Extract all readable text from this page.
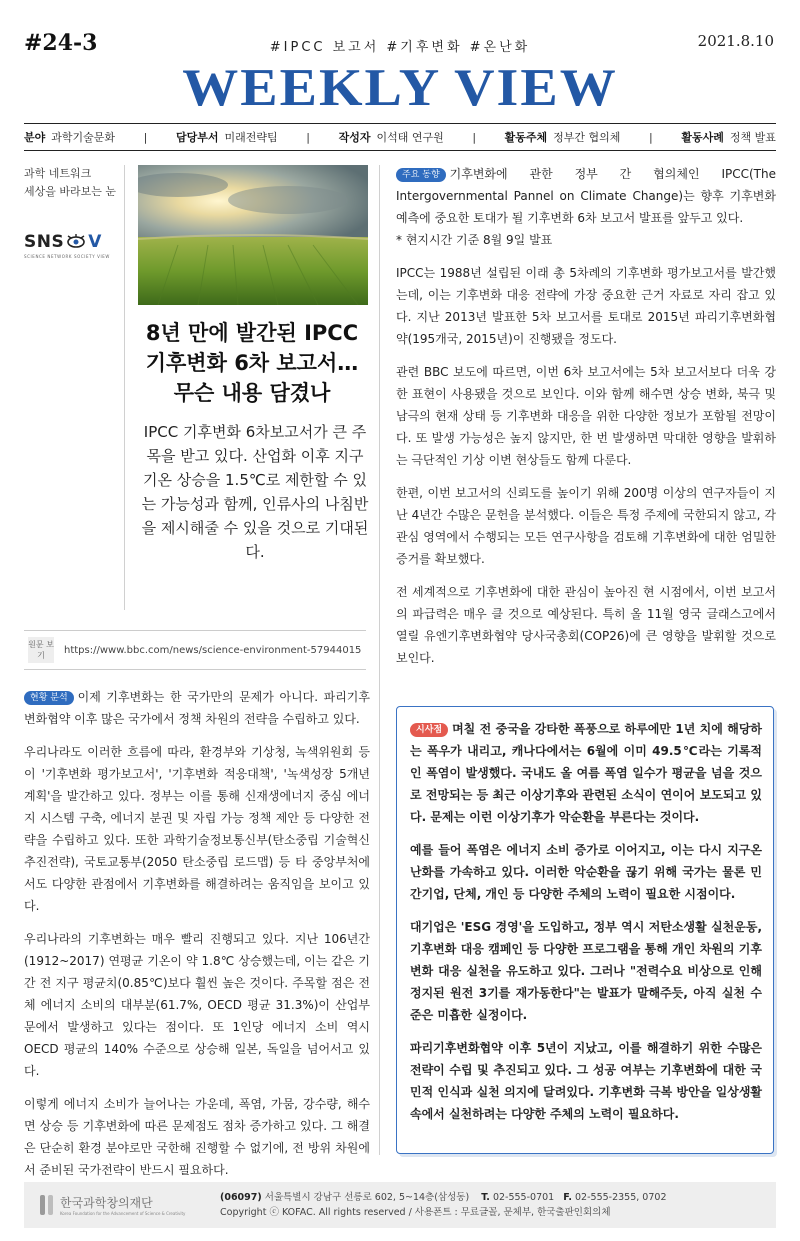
#24-3	#IPCC 보고서 #기후변화 #온난화	2021.8.10
WEEKLY VIEW
분야 과학기술문화	|	담당부서 미래전략팀	|	작성자 이석태 연구원	|	활동주체 정부간 협의체	|	활동사례 정책 발표
과학 네트워크
세상을 바라보는 눈
SNS V
SCIENCE NETWORK SOCIETY VIEW
8년 만에 발간된 IPCC
기후변화 6차 보고서…
무슨 내용 담겼나
IPCC 기후변화 6차보고서가 큰 주목을 받고 있다. 산업화 이후 지구 기온 상승을 1.5℃로 제한할 수 있는 가능성과 함께, 인류사의 나침반을 제시해줄 수 있을 것으로 기대된다.
원문 보기	https://www.bbc.com/news/science-environment-57944015

현황 분석 이제 기후변화는 한 국가만의 문제가 아니다. 파리기후변화협약 이후 많은 국가에서 정책 차원의 전략을 수립하고 있다.

우리나라도 이러한 흐름에 따라, 환경부와 기상청, 녹색위원회 등이 '기후변화 평가보고서', '기후변화 적응대책', '녹색성장 5개년 계획'을 발간하고 있다. 정부는 이를 통해 신재생에너지 중심 에너지 시스템 구축, 에너지 분권 및 자립 가능 정책 제안 등 다양한 전략을 수립하고 있다. 또한 과학기술정보통신부(탄소중립 기술혁신 추진전략), 국토교통부(2050 탄소중립 로드맵) 등 타 중앙부처에서도 다양한 관점에서 기후변화를 해결하려는 움직임을 보이고 있다.

우리나라의 기후변화는 매우 빨리 진행되고 있다. 지난 106년간(1912~2017) 연평균 기온이 약 1.8℃ 상승했는데, 이는 같은 기간 전 지구 평균치(0.85℃)보다 훨씬 높은 것이다. 주목할 점은 전체 에너지 소비의 대부분(61.7%, OECD 평균 31.3%)이 산업부문에서 발생하고 있다는 점이다. 또 1인당 에너지 소비 역시 OECD 평균의 140% 수준으로 상승해 일본, 독일을 넘어서고 있다.

이렇게 에너지 소비가 늘어나는 가운데, 폭염, 가뭄, 강수량, 해수면 상승 등 기후변화에 따른 문제점도 점차 증가하고 있다. 그 해결은 단순히 환경 분야로만 국한해 진행할 수 없기에, 전 방위 차원에서 준비된 국가전략이 반드시 필요하다.

주요 동향 기후변화에 관한 정부 간 협의체인 IPCC(The Intergovernmental Pannel on Climate Change)는 향후 기후변화 예측에 중요한 토대가 될 기후변화 6차 보고서 발표를 앞두고 있다.

* 현지시간 기준 8월 9일 발표

IPCC는 1988년 설립된 이래 총 5차례의 기후변화 평가보고서를 발간했는데, 이는 기후변화 대응 전략에 가장 중요한 근거 자료로 자리 잡고 있다. 지난 2013년 발표한 5차 보고서를 토대로 2015년 파리기후변화협약(195개국, 2015년)이 진행됐을 정도다.

관련 BBC 보도에 따르면, 이번 6차 보고서에는 5차 보고서보다 더욱 강한 표현이 사용됐을 것으로 보인다. 이와 함께 해수면 상승 변화, 북극 및 남극의 현재 상태 등 기후변화 대응을 위한 다양한 정보가 포함될 전망이다. 또 발생 가능성은 높지 않지만, 한 번 발생하면 막대한 영향을 발휘하는 극단적인 기상 이변 현상들도 함께 다룬다.

한편, 이번 보고서의 신뢰도를 높이기 위해 200명 이상의 연구자들이 지난 4년간 수많은 문헌을 분석했다. 이들은 특정 주제에 국한되지 않고, 각 관심 영역에서 수행되는 모든 연구사항을 검토해 기후변화에 대한 엄밀한 증거를 확보했다.

전 세계적으로 기후변화에 대한 관심이 높아진 현 시점에서, 이번 보고서의 파급력은 매우 클 것으로 예상된다. 특히 올 11월 영국 글래스고에서 열릴 유엔기후변화협약 당사국총회(COP26)에 큰 영향을 발휘할 것으로 보인다.

시사점 며칠 전 중국을 강타한 폭풍으로 하루에만 1년 치에 해당하는 폭우가 내리고, 캐나다에서는 6월에 이미 49.5℃라는 기록적인 폭염이 발생했다. 국내도 올 여름 폭염 일수가 평균을 넘을 것으로 전망되는 등 최근 이상기후와 관련된 소식이 연이어 보도되고 있다. 문제는 이런 이상기후가 악순환을 부른다는 것이다.

예를 들어 폭염은 에너지 소비 증가로 이어지고, 이는 다시 지구온난화를 가속하고 있다. 이러한 악순환을 끊기 위해 국가는 물론 민간기업, 단체, 개인 등 다양한 주체의 노력이 필요한 시점이다.

대기업은 'ESG 경영'을 도입하고, 정부 역시 저탄소생활 실천운동, 기후변화 대응 캠페인 등 다양한 프로그램을 통해 개인 차원의 기후변화 대응 실천을 유도하고 있다. 그러나 "전력수요 비상으로 인해 정지된 원전 3기를 재가동한다"는 발표가 말해주듯, 아직 실천 수준은 미흡한 실정이다.

파리기후변화협약 이후 5년이 지났고, 이를 해결하기 위한 수많은 전략이 수립 및 추진되고 있다. 그 성공 여부는 기후변화에 대한 국민적 인식과 실천 의지에 달려있다. 기후변화 극복 방안을 일상생활 속에서 실천하려는 다양한 주체의 노력이 필요하다.

한국과학창의재단
Korea Foundation for the Advancement of Science & Creativity
(06097) 서울특별시 강남구 선릉로 602, 5~14층(삼성동) T. 02-555-0701 F. 02-555-2355, 0702
Copyright ⓒ KOFAC. All rights reserved / 사용폰트 : 무료글꼴, 문체부, 한국출판인회의체
